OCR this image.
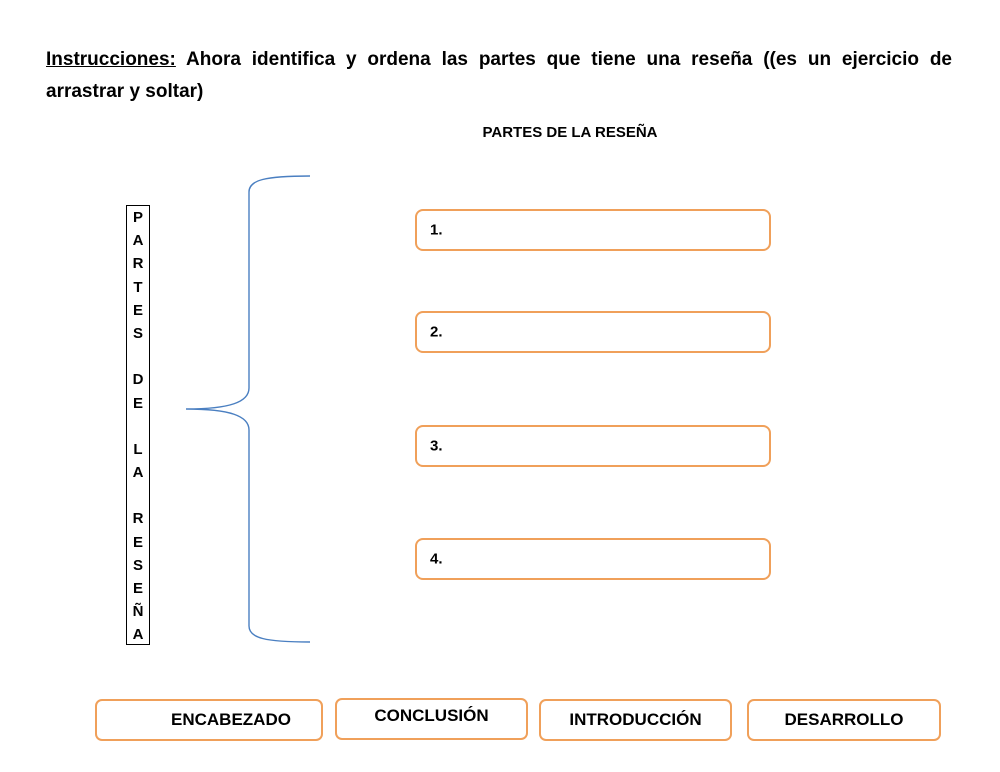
Instrucciones: Ahora identifica y ordena las partes que tiene una reseña ((es un ejercicio de arrastrar y soltar)
PARTES DE LA RESEÑA
P
A
R
T
E
S
D
E
L
A
R
E
S
E
Ñ
A
1.
2.
3.
4.
ENCABEZADO	CONCLUSIÓN	INTRODUCCIÓN	DESARROLLO
